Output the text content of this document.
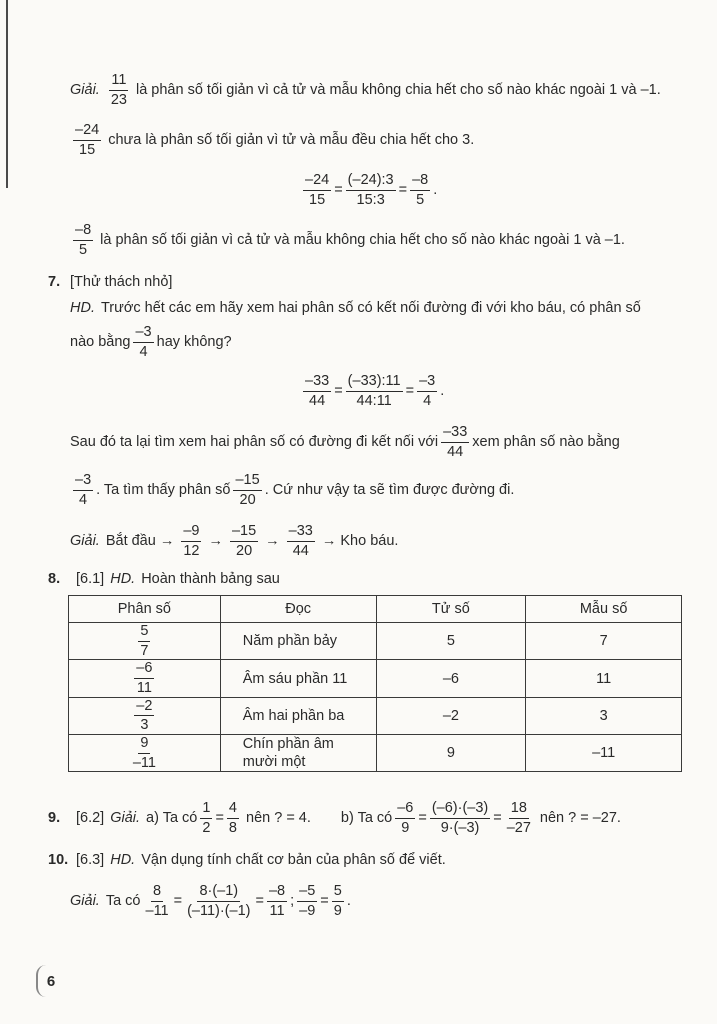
Giải. $\frac{11}{23}$ là phân số tối giản vì cả tử và mẫu không chia hết cho số nào khác ngoài 1 và –1.
$\frac{-24}{15}$ chưa là phân số tối giản vì tử và mẫu đều chia hết cho 3.
$\frac{-24}{15} = \frac{(-24):3}{15:3} = \frac{-8}{5}$ .
$\frac{-8}{5}$ là phân số tối giản vì cả tử và mẫu không chia hết cho số nào khác ngoài 1 và –1.
7. [Thử thách nhỏ]
HD. Trước hết các em hãy xem hai phân số có kết nối đường đi với kho báu, có phân số
nào bằng $\frac{-3}{4}$ hay không?
$\frac{-33}{44} = \frac{(-33):11}{44:11} = \frac{-3}{4}$ .
Sau đó ta lại tìm xem hai phân số có đường đi kết nối với $\frac{-33}{44}$ xem phân số nào bằng
$\frac{-3}{4}$ . Ta tìm thấy phân số $\frac{-15}{20}$ . Cứ như vậy ta sẽ tìm được đường đi.
Giải. Bắt đầu → $\frac{-9}{12} \to \frac{-15}{20} \to \frac{-33}{44}$ → Kho báu.
8.	[6.1] HD. Hoàn thành bảng sau
Phân số	Đọc	Tử số	Mẫu số

$\frac{5}{7}$	Năm phần bảy	5	7

$\frac{-6}{11}$	Âm sáu phần 11	–6	11

$\frac{-2}{3}$	Âm hai phần ba	–2	3

$\frac{9}{-11}$	Chín phần âm mười một	9	–11
9.	[6.2] Giải. a) Ta có $\frac{1}{2} = \frac{4}{8}$ nên ? = 4. b) Ta có $\frac{-6}{9} = \frac{(-6)\cdot(-3)}{9\cdot(-3)} = \frac{18}{-27}$ nên ? = –27.
10. [6.3] HD. Vận dụng tính chất cơ bản của phân số để viết.
Giải. Ta có $\frac{8}{-11} = \frac{8\cdot(-1)}{(-11)\cdot(-1)} = \frac{-8}{11}$ ; $\frac{-5}{-9} = \frac{5}{9}$ .
6
